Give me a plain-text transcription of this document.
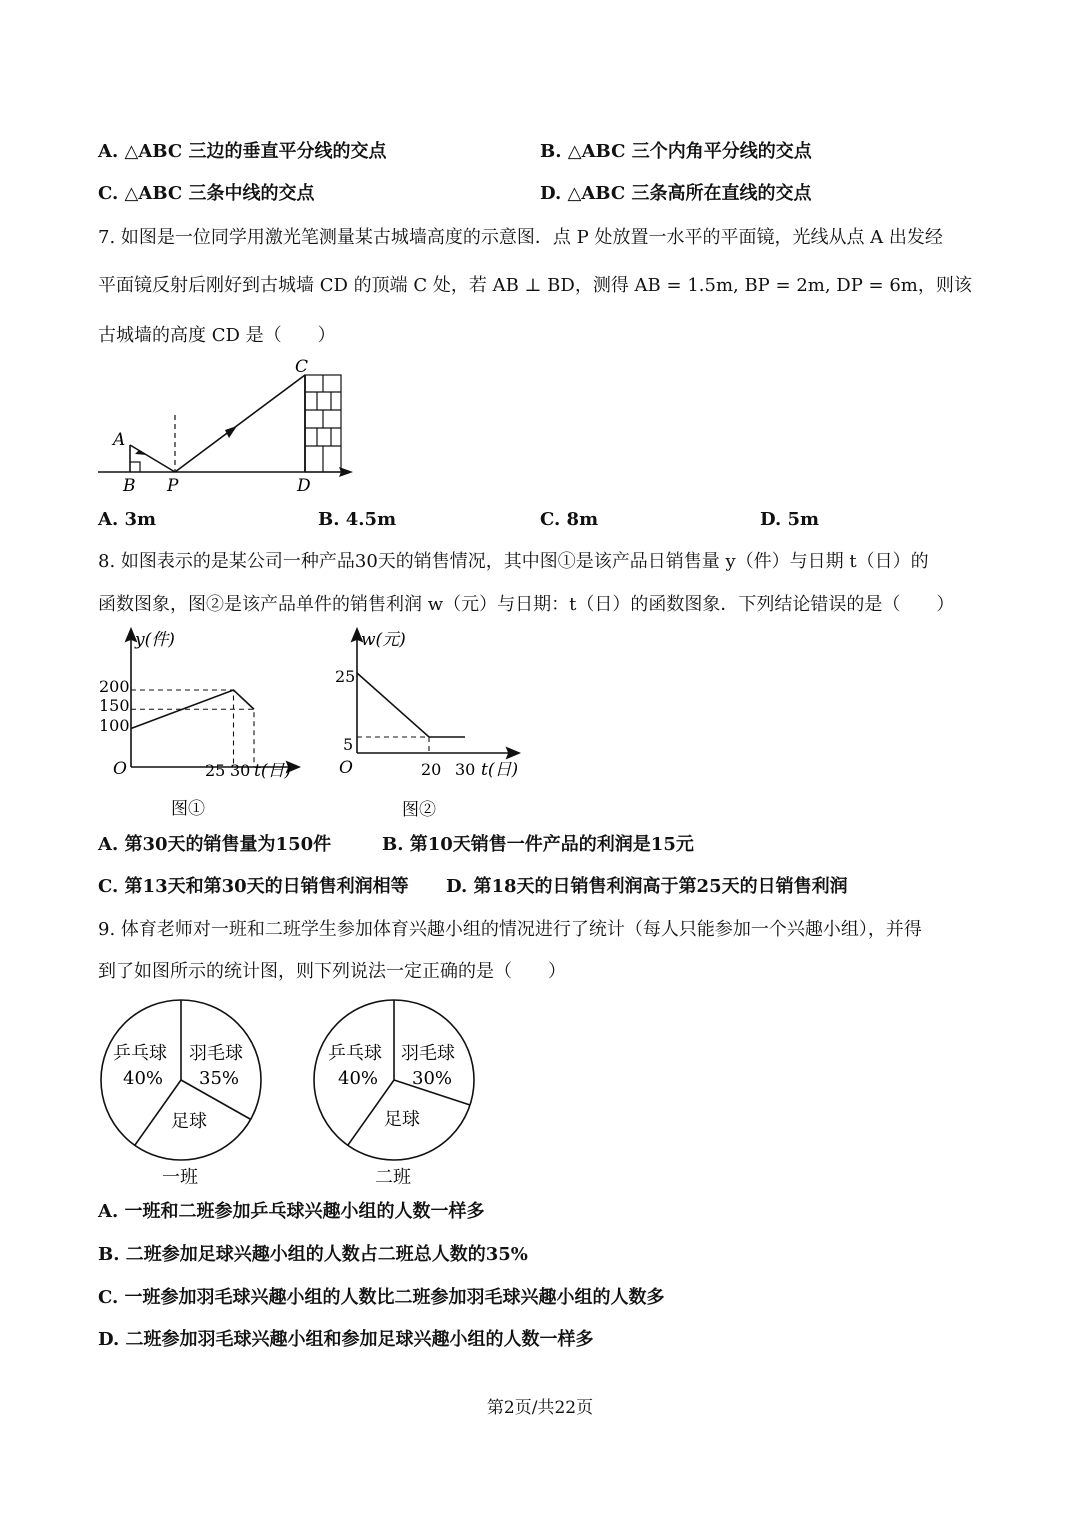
A. △ABC 三边的垂直平分线的交点	B. △ABC 三个内角平分线的交点
C. △ABC 三条中线的交点	D. △ABC 三条高所在直线的交点
7. 如图是一位同学用激光笔测量某古城墙高度的示意图．点 P 处放置一水平的平面镜，光线从点 A 出发经
平面镜反射后刚好到古城墙 CD 的顶端 C 处，若 AB ⊥ BD，测得 AB = 1.5m, BP = 2m, DP = 6m，则该
古城墙的高度 CD 是（　　）
A
B P
C
D
A. 3m	B. 4.5m	C. 8m	D. 5m
8. 如图表示的是某公司一种产品30天的销售情况，其中图①是该产品日销售量 y（件）与日期 t（日）的
函数图象，图②是该产品单件的销售利润 w（元）与日期：t（日）的函数图象．下列结论错误的是（　　）
y(件)
O
200
150
100
25 30 t(日)
图①
w(元)
O
25
5
20 30 t(日)
图②
A. 第30天的销售量为150件	B. 第10天销售一件产品的利润是15元
C. 第13天和第30天的日销售利润相等 D. 第18天的日销售利润高于第25天的日销售利润
9. 体育老师对一班和二班学生参加体育兴趣小组的情况进行了统计（每人只能参加一个兴趣小组），并得
到了如图所示的统计图，则下列说法一定正确的是（　　）
乒乓球
40%
羽毛球
35%
足球
一班
乒乓球
40%
羽毛球
30%
足球
二班
A. 一班和二班参加乒乓球兴趣小组的人数一样多
B. 二班参加足球兴趣小组的人数占二班总人数的35%
C. 一班参加羽毛球兴趣小组的人数比二班参加羽毛球兴趣小组的人数多
D. 二班参加羽毛球兴趣小组和参加足球兴趣小组的人数一样多
第2页/共22页
